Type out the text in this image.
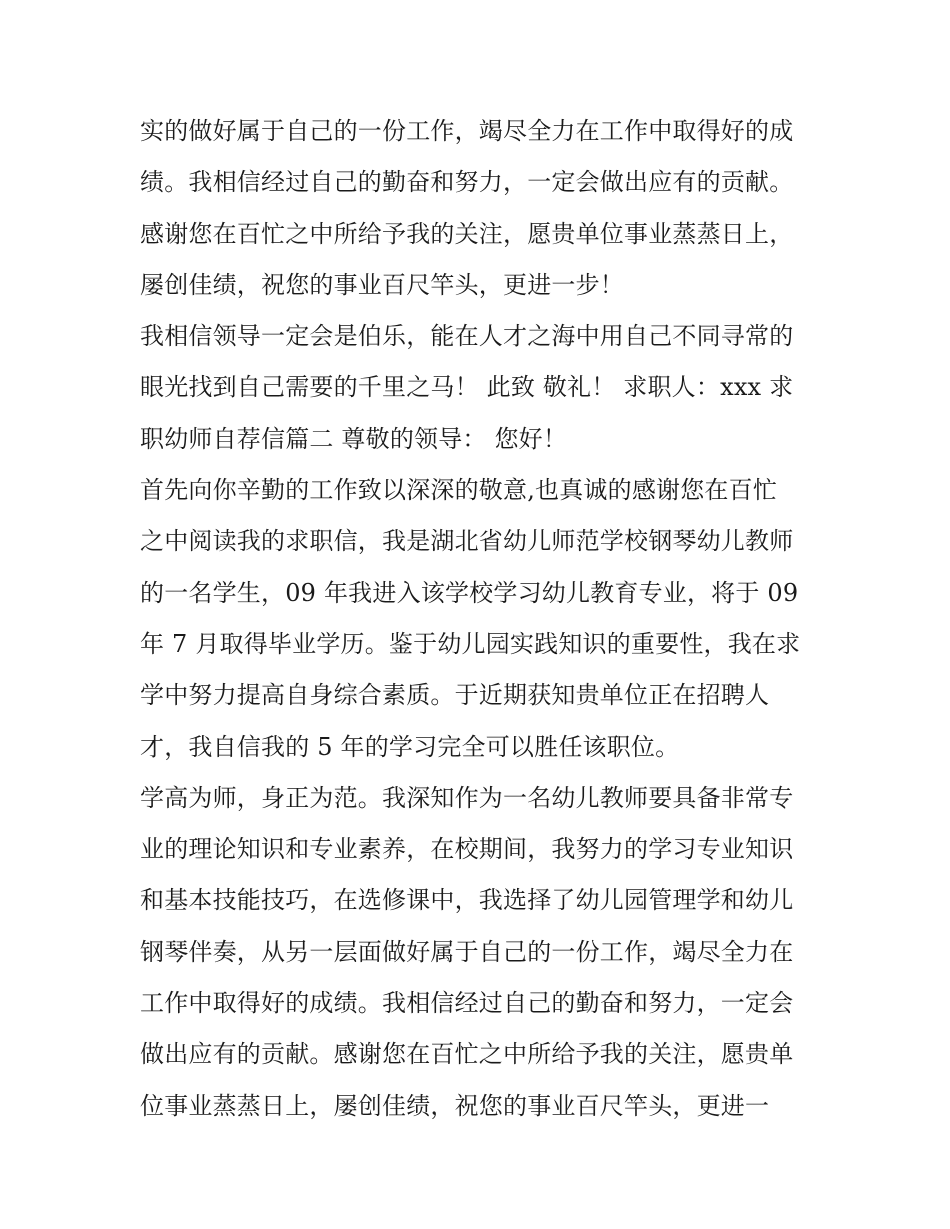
实的做好属于自己的一份工作，竭尽全力在工作中取得好的成
绩。我相信经过自己的勤奋和努力，一定会做出应有的贡献。
感谢您在百忙之中所给予我的关注，愿贵单位事业蒸蒸日上，
屡创佳绩，祝您的事业百尺竿头，更进一步！
我相信领导一定会是伯乐，能在人才之海中用自己不同寻常的
眼光找到自己需要的千里之马！ 此致 敬礼！ 求职人：xxx 求
职幼师自荐信篇二 尊敬的领导： 您好！
首先向你辛勤的工作致以深深的敬意,也真诚的感谢您在百忙
之中阅读我的求职信，我是湖北省幼儿师范学校钢琴幼儿教师
的一名学生，09 年我进入该学校学习幼儿教育专业，将于 09
年 7 月取得毕业学历。鉴于幼儿园实践知识的重要性，我在求
学中努力提高自身综合素质。于近期获知贵单位正在招聘人
才，我自信我的 5 年的学习完全可以胜任该职位。
学高为师，身正为范。我深知作为一名幼儿教师要具备非常专
业的理论知识和专业素养，在校期间，我努力的学习专业知识
和基本技能技巧，在选修课中，我选择了幼儿园管理学和幼儿
钢琴伴奏，从另一层面做好属于自己的一份工作，竭尽全力在
工作中取得好的成绩。我相信经过自己的勤奋和努力，一定会
做出应有的贡献。感谢您在百忙之中所给予我的关注，愿贵单
位事业蒸蒸日上，屡创佳绩，祝您的事业百尺竿头，更进一
